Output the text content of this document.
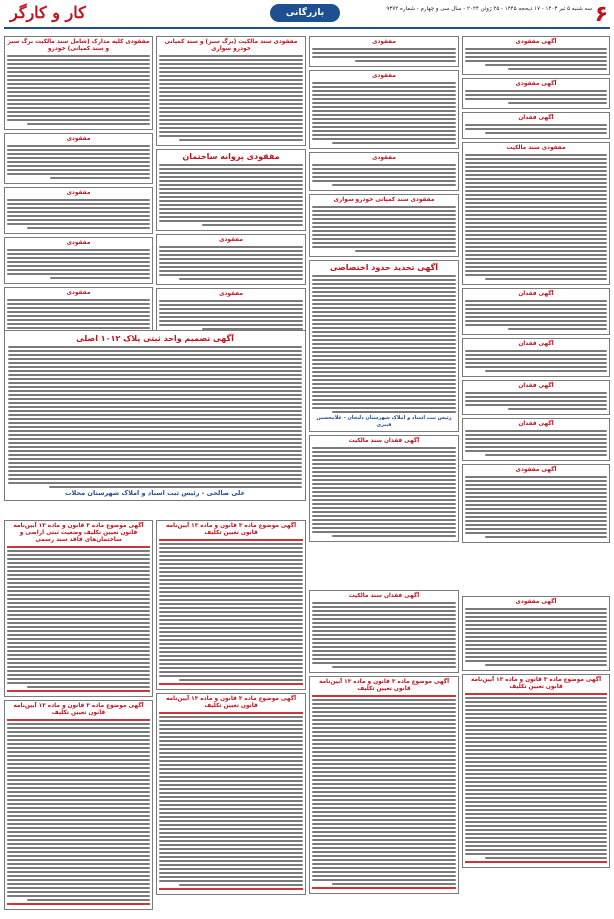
۶
سه شنبه ۵ تیر ۱۴۰۳ - ۱۷ ذیحجه ۱۴۴۵ - ۲۵ ژوئن ۲۰۲۴ - سال سی و چهارم - شماره ۹۳۷۲
بازرگانی
کار و کارگر
آگهی مفقودی
آگهی مفقودی
آگهی فقدان
مفقودی سند مالکیت
آگهی فقدان
آگهی فقدان
آگهی فقدان
آگهی فقدان
آگهی مفقودی
مفقودی
مفقودی
مفقودی
مفقودی سند کمپانی خودرو سواری
آگهی تحدید حدود اختصاصی
رئیس ثبت اسناد و املاک شهرستان دلیجان - غلامحسین قنبری
آگهی فقدان سند مالکیت
مفقودی سند مالکیت (برگ سبز) و سند کمپانی خودرو سواری
مفقودی پروانه ساختمان
مفقودی
مفقودی
مفقودی کلیه مدارک (شامل سند مالکیت برگ سبز و سند کمپانی) خودرو
مفقودی
مفقودی
مفقودی
مفقودی
آگهی تصمیم واحد ثبتی پلاک ۱۰۱۲ اصلی
علی صالحی - رئیس ثبت اسناد و املاک شهرستان محلات
آگهی موضوع ماده ۳ قانون و ماده ۱۳ آیین‌نامه قانون تعیین تکلیف وضعیت ثبتی اراضی و ساختمان‌های فاقد سند رسمی
آگهی موضوع ماده ۳ قانون و ماده ۱۳ آیین‌نامه قانون تعیین تکلیف
آگهی موضوع ماده ۳ قانون و ماده ۱۳ آیین‌نامه قانون تعیین تکلیف
آگهی موضوع ماده ۳ قانون و ماده ۱۳ آیین‌نامه قانون تعیین تکلیف
آگهی فقدان سند مالکیت
آگهی موضوع ماده ۳ قانون و ماده ۱۳ آیین‌نامه قانون تعیین تکلیف
آگهی مفقودی
آگهی موضوع ماده ۳ قانون و ماده ۱۳ آیین‌نامه قانون تعیین تکلیف
